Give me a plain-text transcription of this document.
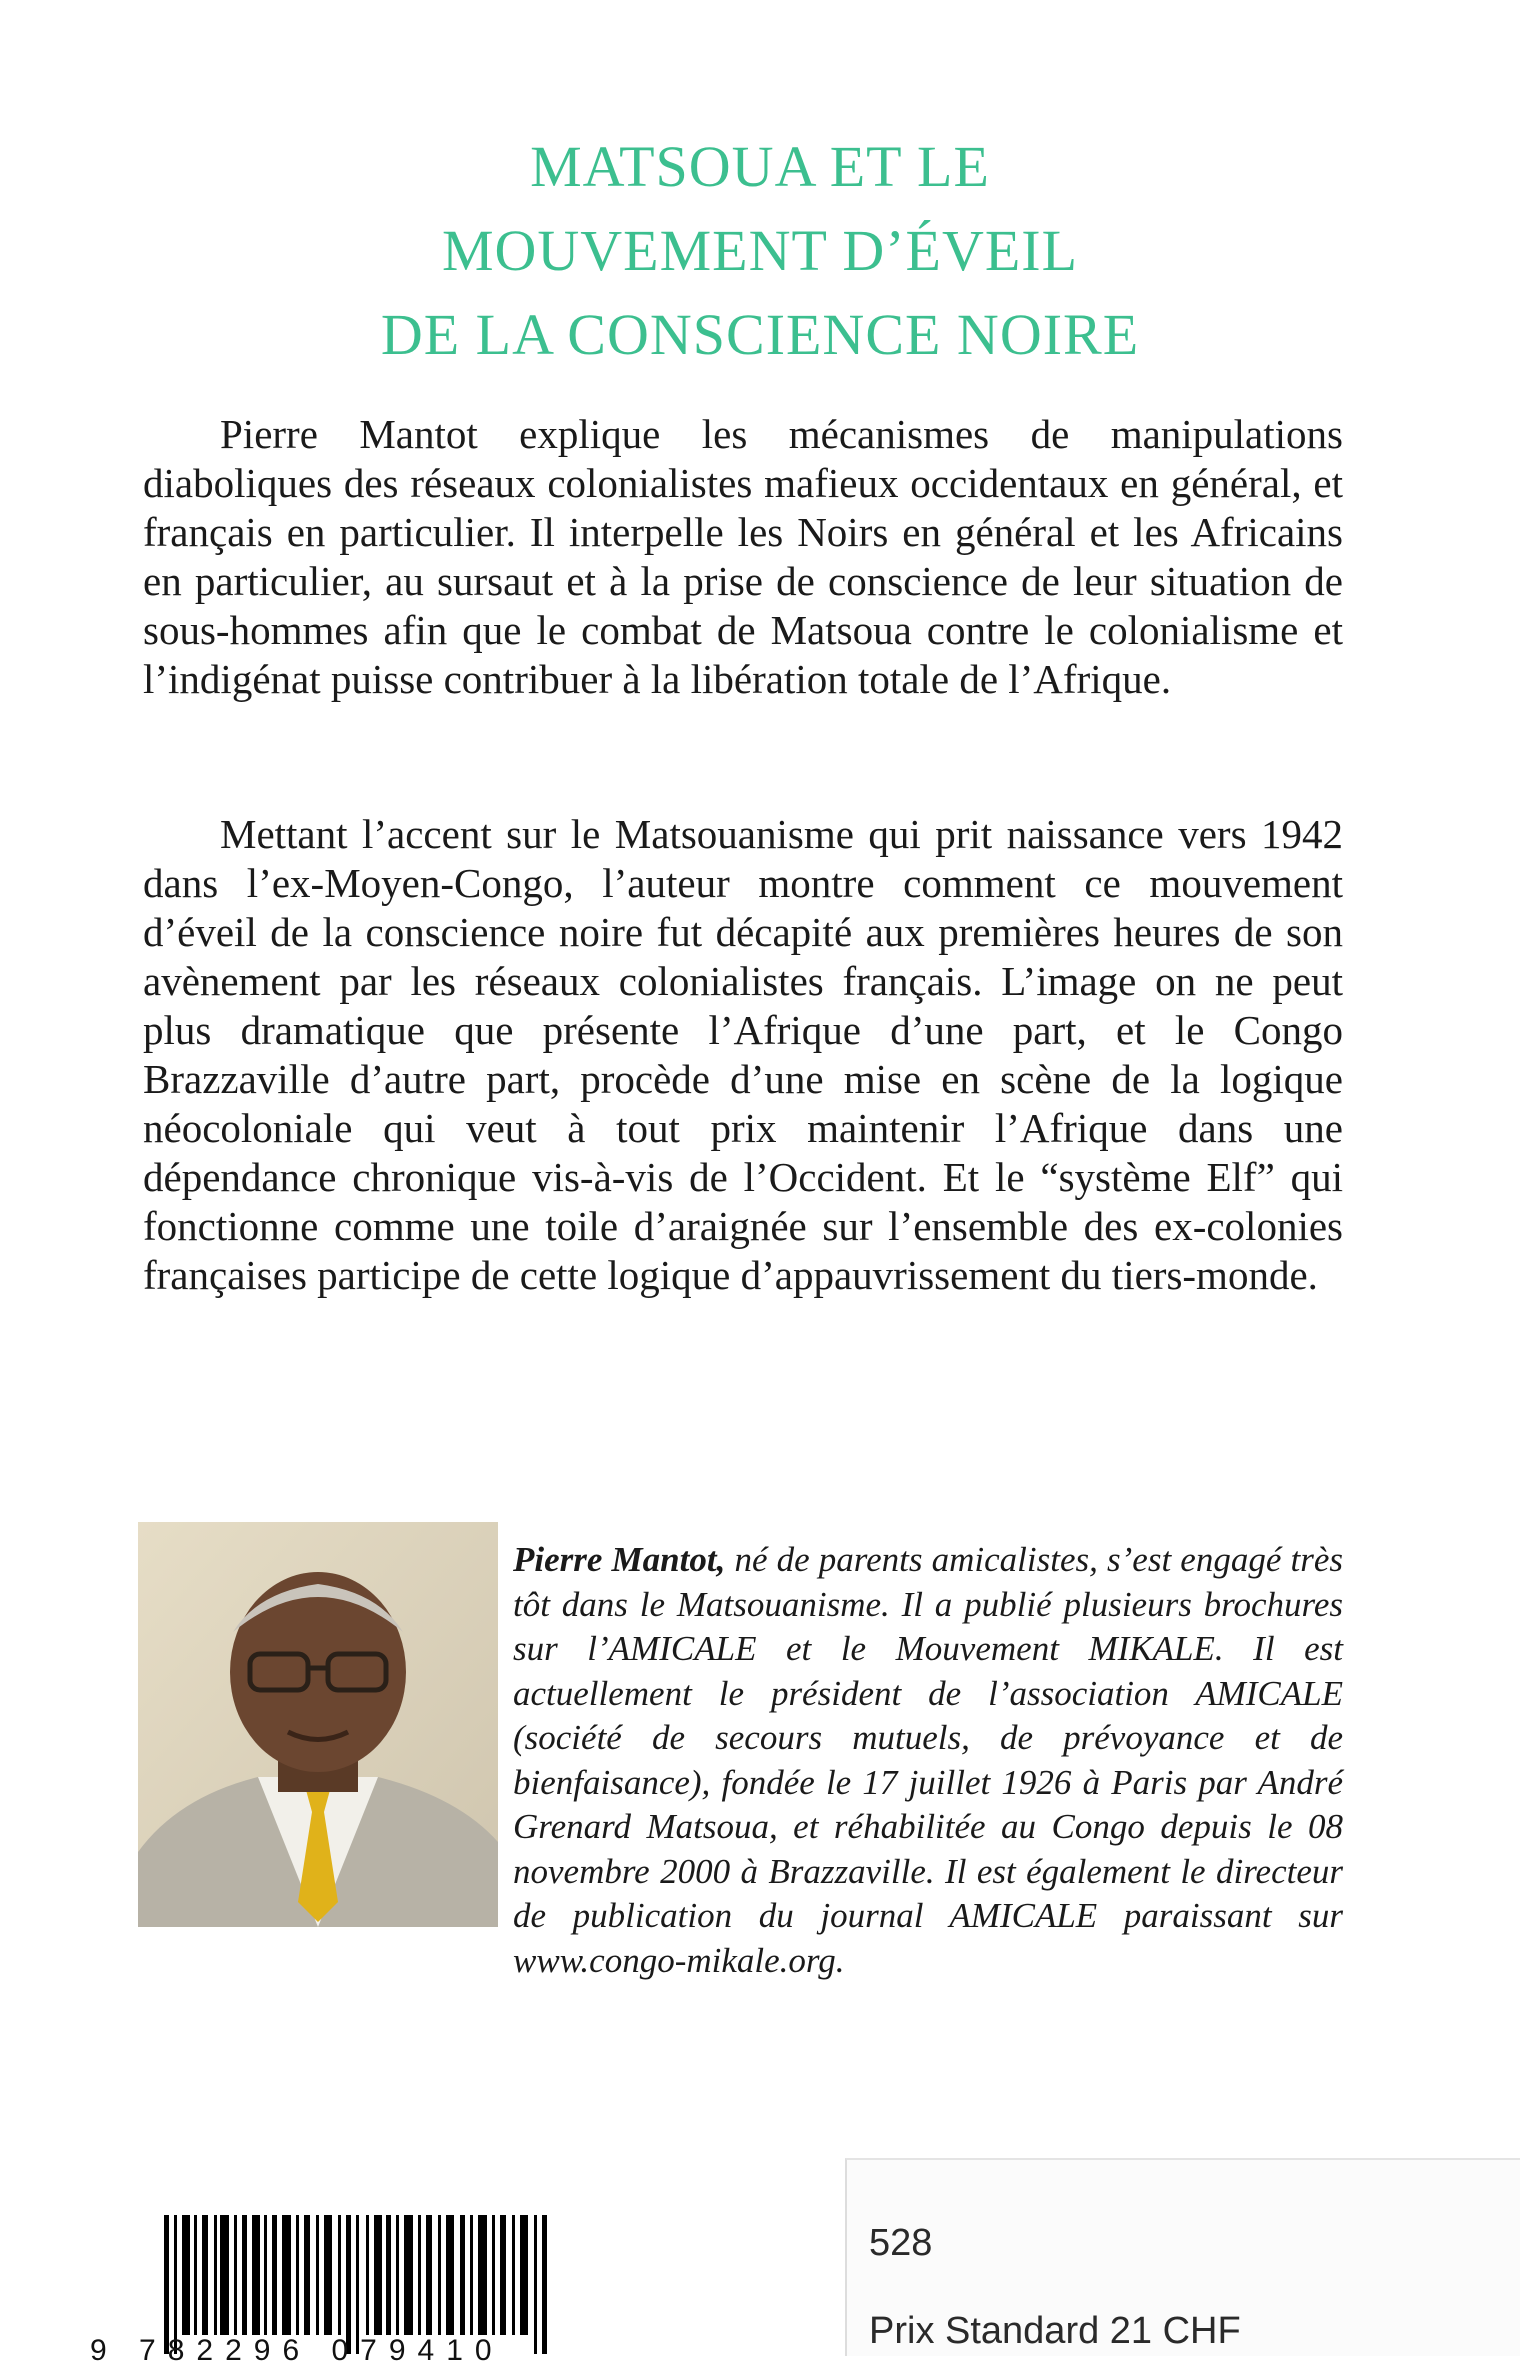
MATSOUA ET LE
MOUVEMENT D’ÉVEIL
DE LA CONSCIENCE NOIRE

Pierre Mantot explique les mécanismes de manipulations diaboliques des réseaux colonialistes mafieux occidentaux en général, et français en particulier. Il interpelle les Noirs en général et les Africains en particulier, au sursaut et à la prise de conscience de leur situation de sous-hommes afin que le combat de Matsoua contre le colonialisme et l’indigénat puisse contribuer à la libération totale de l’Afrique.

Mettant l’accent sur le Matsouanisme qui prit naissance vers 1942 dans l’ex-Moyen-Congo, l’auteur montre comment ce mouvement d’éveil de la conscience noire fut décapité aux premières heures de son avènement par les réseaux colonialistes français. L’image on ne peut plus dramatique que présente l’Afrique d’une part, et le Congo Brazzaville d’autre part, procède d’une mise en scène de la logique néocoloniale qui veut à tout prix maintenir l’Afrique dans une dépendance chronique vis-à-vis de l’Occident. Et le “système Elf” qui fonctionne comme une toile d’araignée sur l’ensemble des ex-colonies françaises participe de cette logique d’appauvrissement du tiers-monde.

Pierre Mantot, né de parents amicalistes, s’est engagé très tôt dans le Matsouanisme. Il a publié plusieurs brochures sur l’AMICALE et le Mouvement MIKALE. Il est actuellement le président de l’association AMICALE (société de secours mutuels, de prévoyance et de bienfaisance), fondée le 17 juillet 1926 à Paris par André Grenard Matsoua, et réhabilitée au Congo depuis le 08 novembre 2000 à Brazzaville. Il est également le directeur de publication du journal AMICALE paraissant sur www.congo-mikale.org.
9 782296 079410
528
Prix Standard 21 CHF
